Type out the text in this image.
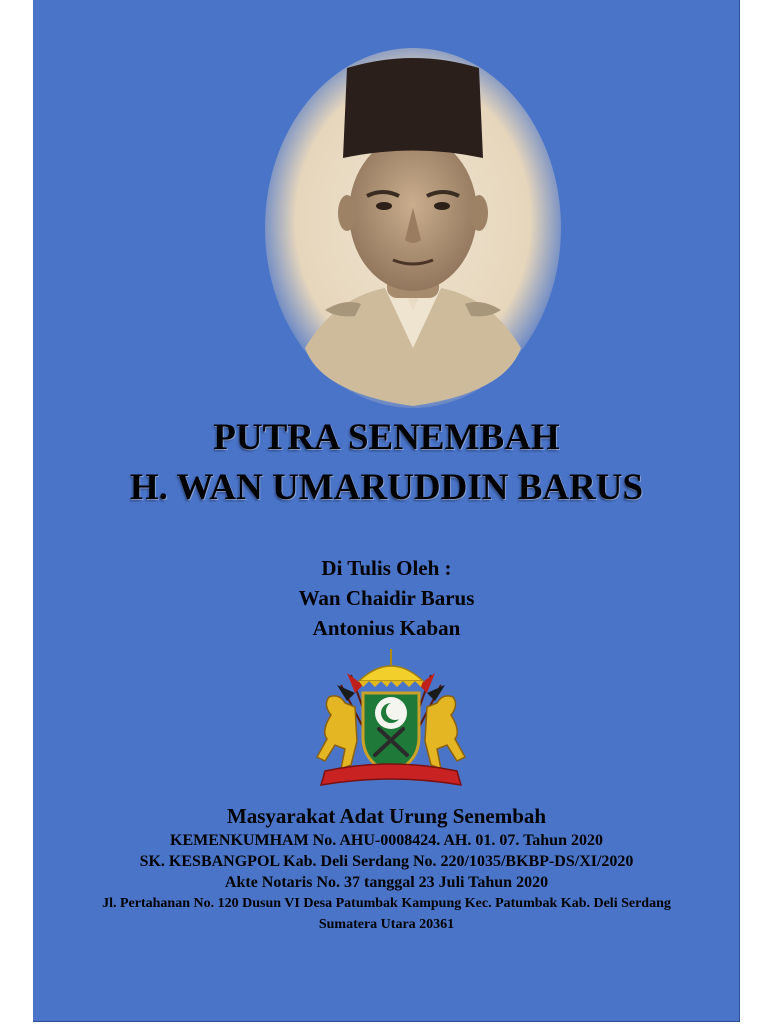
PUTRA SENEMBAH
H. WAN UMARUDDIN BARUS
Di Tulis Oleh :
Wan Chaidir Barus
Antonius Kaban
Masyarakat Adat Urung Senembah
KEMENKUMHAM No. AHU-0008424. AH. 01. 07. Tahun 2020
SK. KESBANGPOL Kab. Deli Serdang No. 220/1035/BKBP-DS/XI/2020
Akte Notaris No. 37 tanggal 23 Juli Tahun 2020
Jl. Pertahanan No. 120 Dusun VI Desa Patumbak Kampung Kec. Patumbak Kab. Deli Serdang
Sumatera Utara 20361
